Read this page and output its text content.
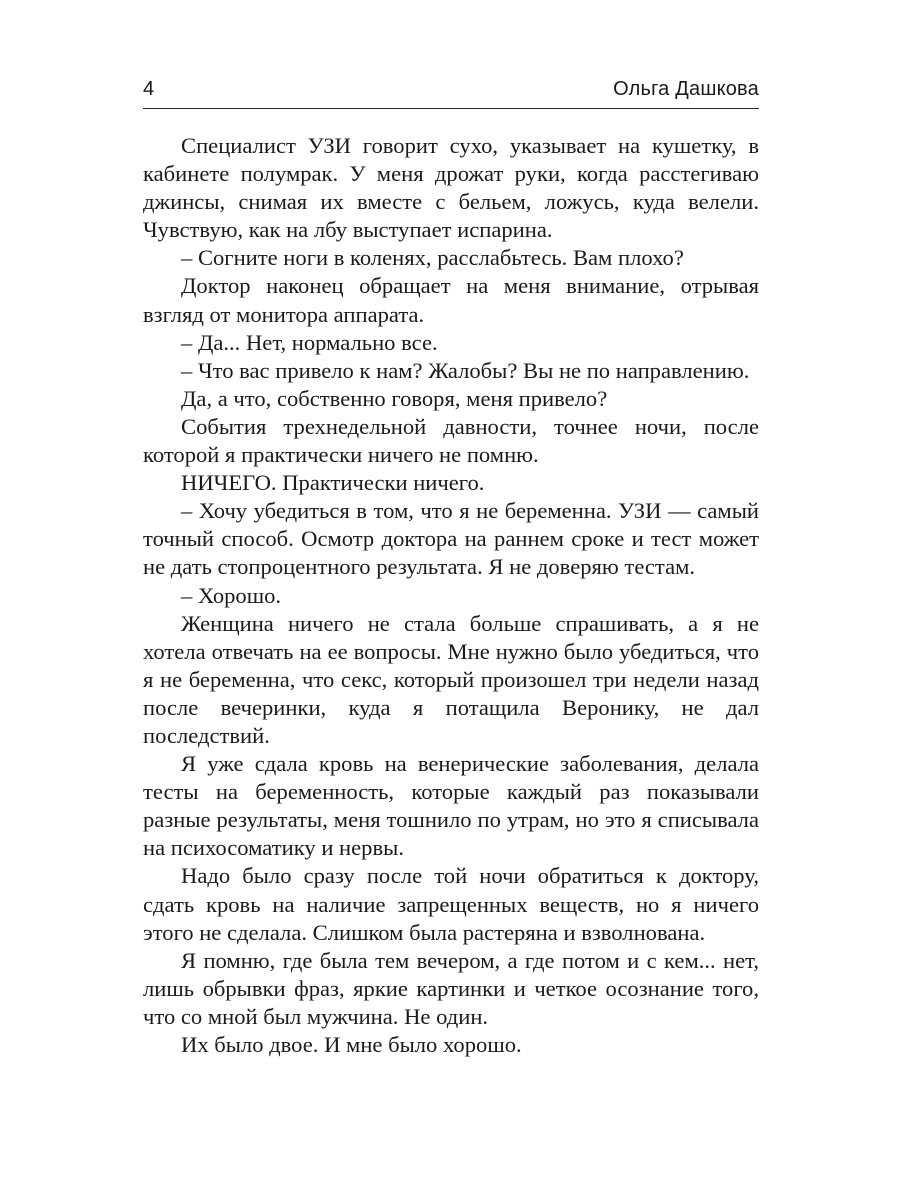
4	Ольга Дашкова

Специалист УЗИ говорит сухо, указывает на кушетку, в кабинете полумрак. У меня дрожат руки, когда расстегиваю джинсы, снимая их вместе с бельем, ложусь, куда велели. Чувствую, как на лбу выступает испарина.

– Согните ноги в коленях, расслабьтесь. Вам плохо?

Доктор наконец обращает на меня внимание, отрывая взгляд от монитора аппарата.

– Да... Нет, нормально все.

– Что вас привело к нам? Жалобы? Вы не по направлению.

Да, а что, собственно говоря, меня привело?

События трехнедельной давности, точнее ночи, после которой я практически ничего не помню.

НИЧЕГО. Практически ничего.

– Хочу убедиться в том, что я не беременна. УЗИ — самый точный способ. Осмотр доктора на раннем сроке и тест может не дать стопроцентного результата. Я не доверяю тестам.

– Хорошо.

Женщина ничего не стала больше спрашивать, а я не хотела отвечать на ее вопросы. Мне нужно было убедиться, что я не беременна, что секс, который произошел три недели назад после вечеринки, куда я потащила Веронику, не дал последствий.

Я уже сдала кровь на венерические заболевания, делала тесты на беременность, которые каждый раз показывали разные результаты, меня тошнило по утрам, но это я списывала на психосоматику и нервы.

Надо было сразу после той ночи обратиться к доктору, сдать кровь на наличие запрещенных веществ, но я ничего этого не сделала. Слишком была растеряна и взволнована.

Я помню, где была тем вечером, а где потом и с кем... нет, лишь обрывки фраз, яркие картинки и четкое осознание того, что со мной был мужчина. Не один.

Их было двое. И мне было хорошо.
